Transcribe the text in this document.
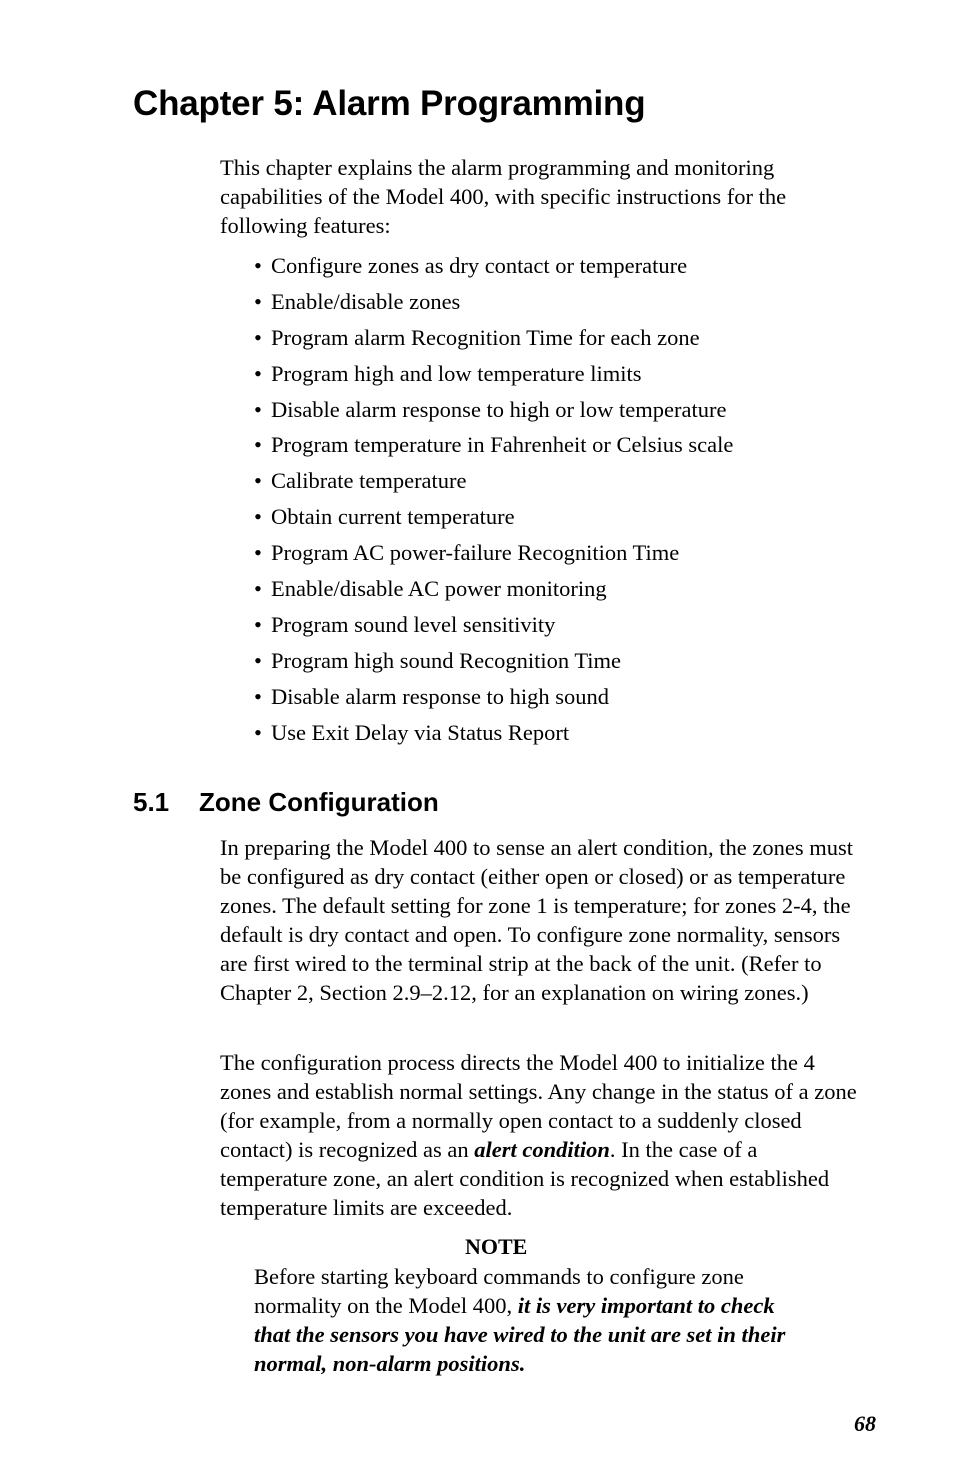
Chapter 5: Alarm Programming

This chapter explains the alarm programming and monitoring capabilities of the Model 400, with specific instructions for the following features:

• Configure zones as dry contact or temperature
• Enable/disable zones
• Program alarm Recognition Time for each zone
• Program high and low temperature limits
• Disable alarm response to high or low temperature
• Program temperature in Fahrenheit or Celsius scale
• Calibrate temperature
• Obtain current temperature
• Program AC power-failure Recognition Time
• Enable/disable AC power monitoring
• Program sound level sensitivity
• Program high sound Recognition Time
• Disable alarm response to high sound
• Use Exit Delay via Status Report
5.1 Zone Configuration

In preparing the Model 400 to sense an alert condition, the zones must be configured as dry contact (either open or closed) or as temperature zones. The default setting for zone 1 is temperature; for zones 2-4, the default is dry contact and open. To configure zone normality, sensors are first wired to the terminal strip at the back of the unit. (Refer to Chapter 2, Section 2.9–2.12, for an explanation on wiring zones.)

The configuration process directs the Model 400 to initialize the 4 zones and establish normal settings. Any change in the status of a zone (for example, from a normally open contact to a suddenly closed contact) is recognized as an alert condition. In the case of a temperature zone, an alert condition is recognized when established temperature limits are exceeded.

NOTE

Before starting keyboard commands to configure zone normality on the Model 400, it is very important to check that the sensors you have wired to the unit are set in their normal, non-alarm positions.

68
